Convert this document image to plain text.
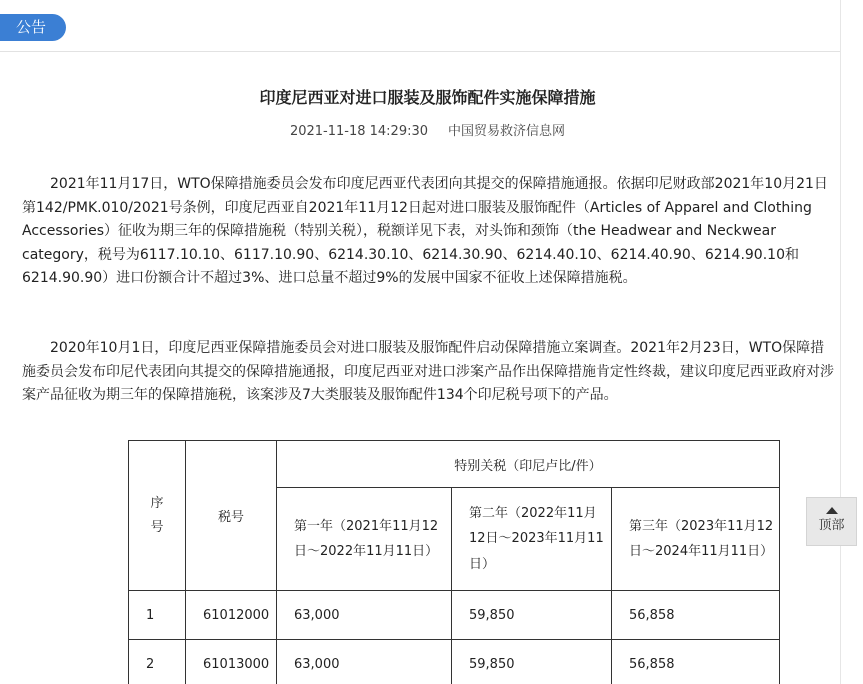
公告
印度尼西亚对进口服装及服饰配件实施保障措施
2021-11-18 14:29:30 中国贸易救济信息网

2021年11月17日，WTO保障措施委员会发布印度尼西亚代表团向其提交的保障措施通报。依据印尼财政部2021年10月21日第142/PMK.010/2021号条例，印度尼西亚自2021年11月12日起对进口服装及服饰配件（Articles of Apparel and Clothing Accessories）征收为期三年的保障措施税（特别关税），税额详见下表，对头饰和颈饰（the Headwear and Neckwear category，税号为6117.10.10、6117.10.90、6214.30.10、6214.30.90、6214.40.10、6214.40.90、6214.90.10和 6214.90.90）进口份额合计不超过3%、进口总量不超过9%的发展中国家不征收上述保障措施税。

2020年10月1日，印度尼西亚保障措施委员会对进口服装及服饰配件启动保障措施立案调查。2021年2月23日，WTO保障措施委员会发布印尼代表团向其提交的保障措施通报，印度尼西亚对进口涉案产品作出保障措施肯定性终裁，建议印度尼西亚政府对涉案产品征收为期三年的保障措施税，该案涉及7大类服装及服饰配件134个印尼税号项下的产品。

序
号	税号	特别关税（印尼卢比/件）		
		第一年（2021年11月12日～2022年11月11日）	第二年（2022年11月12日～2023年11月11日）	第三年（2023年11月12日～2024年11月11日）
1	61012000	63,000	59,850	56,858
2	61013000	63,000	59,850	56,858
顶部
